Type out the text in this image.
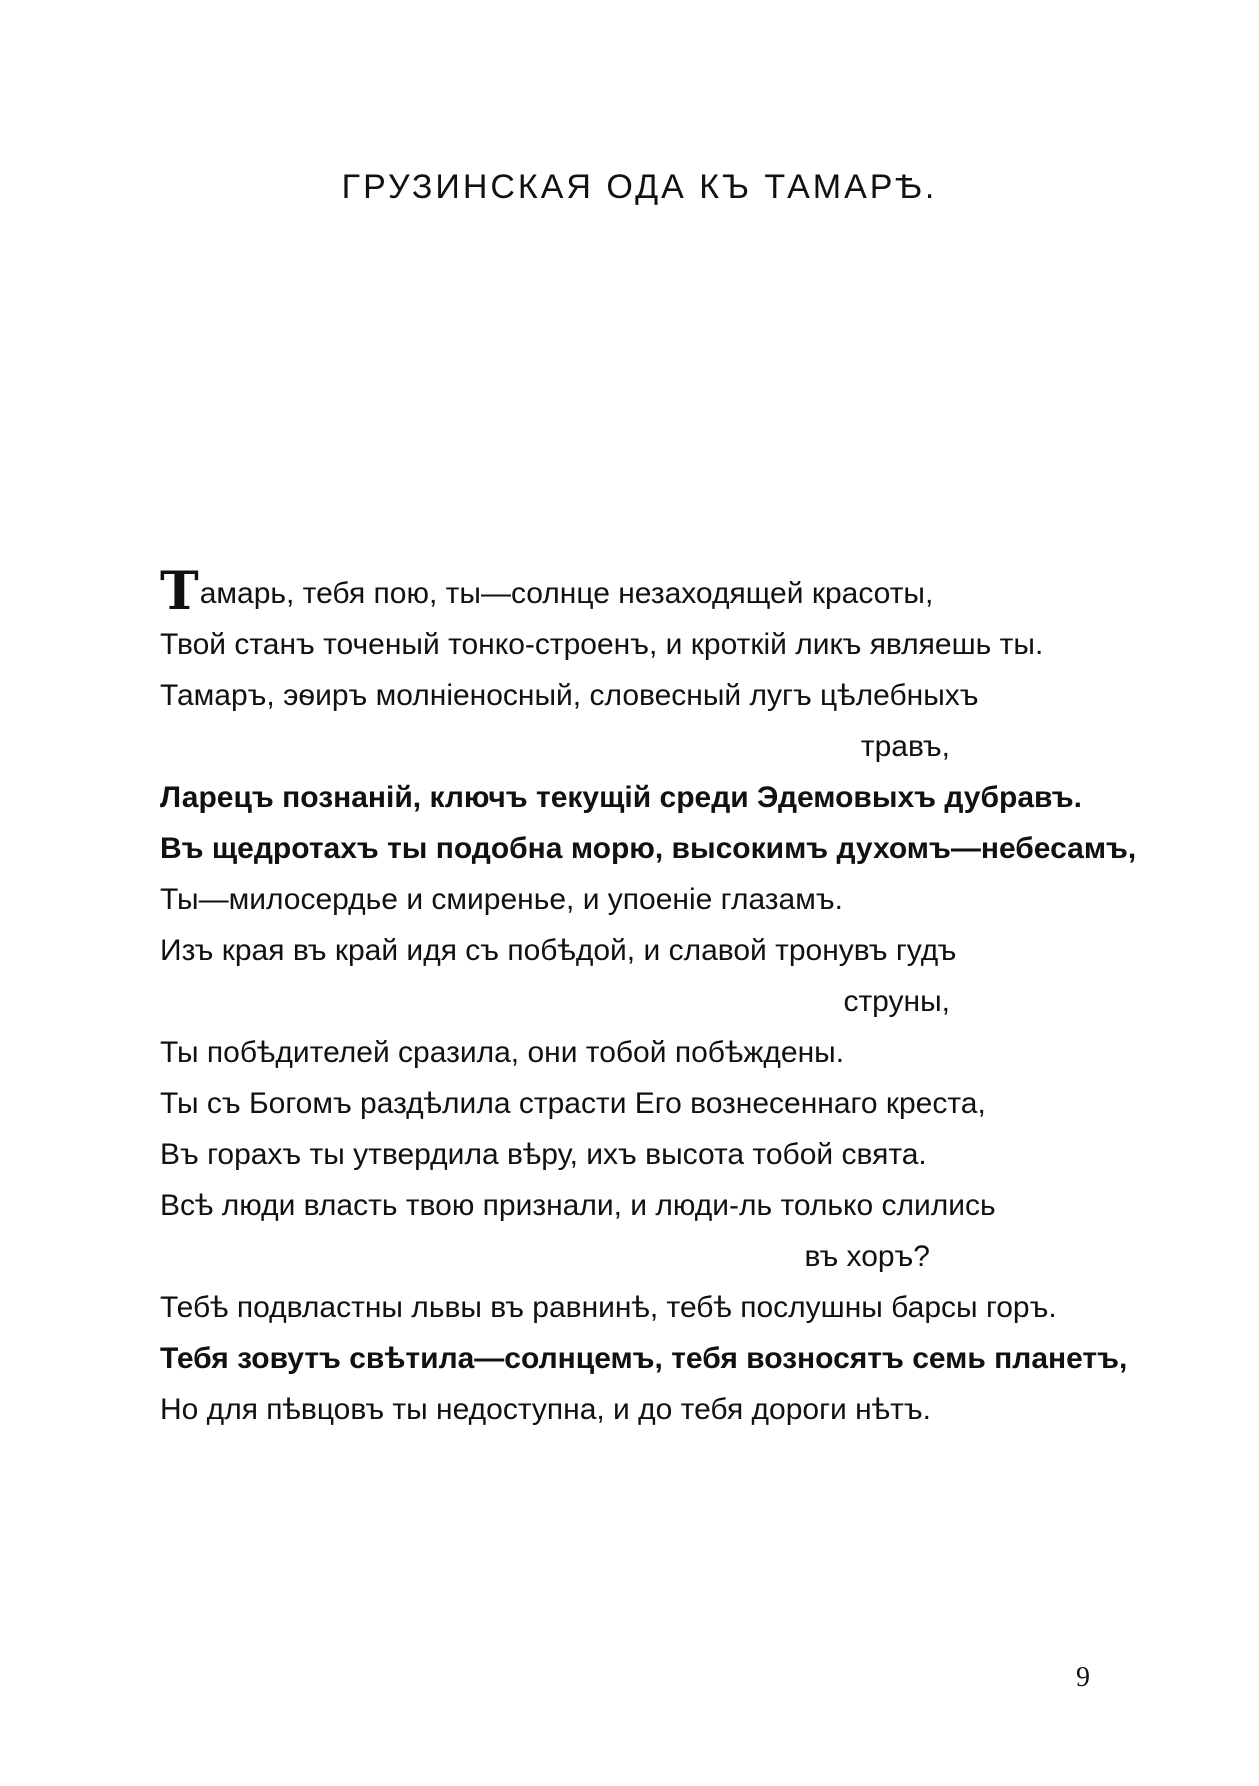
ГРУЗИНСКАЯ ОДА КЪ ТАМАРѢ.
Тамарь, тебя пою, ты—солнце незаходящей красоты,
Твой станъ точеный тонко-строенъ, и кроткій ликъ являешь ты.
Тамаръ, эѳиръ молніеносный, словесный лугъ цѣлебныхъ
травъ,
Ларецъ познаній, ключъ текущій среди Эдемовыхъ дубравъ.
Въ щедротахъ ты подобна морю, высокимъ духомъ—небесамъ,
Ты—милосердье и смиренье, и упоеніе глазамъ.
Изъ края въ край идя съ побѣдой, и славой тронувъ гудъ
струны,
Ты побѣдителей сразила, они тобой побѣждены.
Ты съ Богомъ раздѣлила страсти Его вознесеннаго креста,
Въ горахъ ты утвердила вѣру, ихъ высота тобой свята.
Всѣ люди власть твою признали, и люди-ль только слились
въ хоръ?
Тебѣ подвластны львы въ равнинѣ, тебѣ послушны барсы горъ.
Тебя зовутъ свѣтила—солнцемъ, тебя возносятъ семь планетъ,
Но для пѣвцовъ ты недоступна, и до тебя дороги нѣтъ.
9
